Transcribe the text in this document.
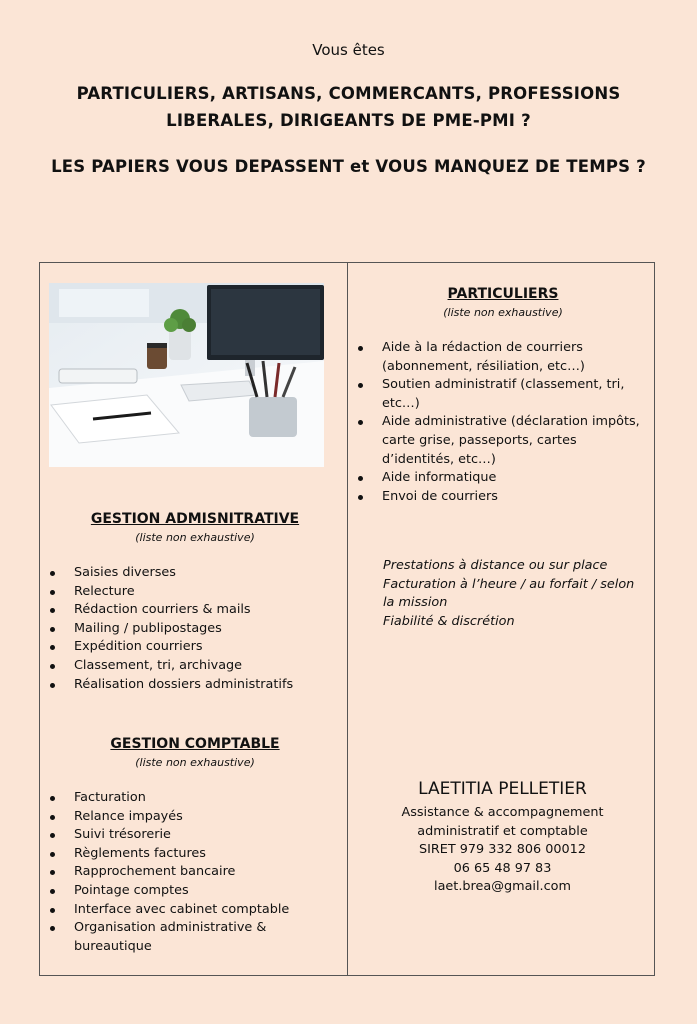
Vous êtes
PARTICULIERS, ARTISANS, COMMERCANTS, PROFESSIONS LIBERALES, DIRIGEANTS DE PME-PMI ?
LES PAPIERS VOUS DEPASSENT et VOUS MANQUEZ DE TEMPS ?
GESTION ADMISNITRATIVE
(liste non exhaustive)
Saisies diverses
Relecture
Rédaction courriers & mails
Mailing / publipostages
Expédition courriers
Classement, tri, archivage
Réalisation dossiers administratifs
GESTION COMPTABLE
(liste non exhaustive)
Facturation
Relance impayés
Suivi trésorerie
Règlements factures
Rapprochement bancaire
Pointage comptes
Interface avec cabinet comptable
Organisation administrative & bureautique
PARTICULIERS
(liste non exhaustive)
Aide à la rédaction de courriers (abonnement, résiliation, etc…)
Soutien administratif (classement, tri, etc…)
Aide administrative (déclaration impôts, carte grise, passeports, cartes d’identités, etc…)
Aide informatique
Envoi de courriers
Prestations à distance ou sur place
Facturation à l’heure / au forfait / selon la mission
Fiabilité & discrétion
LAETITIA PELLETIER
Assistance & accompagnement
administratif et comptable
SIRET 979 332 806 00012
06 65 48 97 83
laet.brea@gmail.com
